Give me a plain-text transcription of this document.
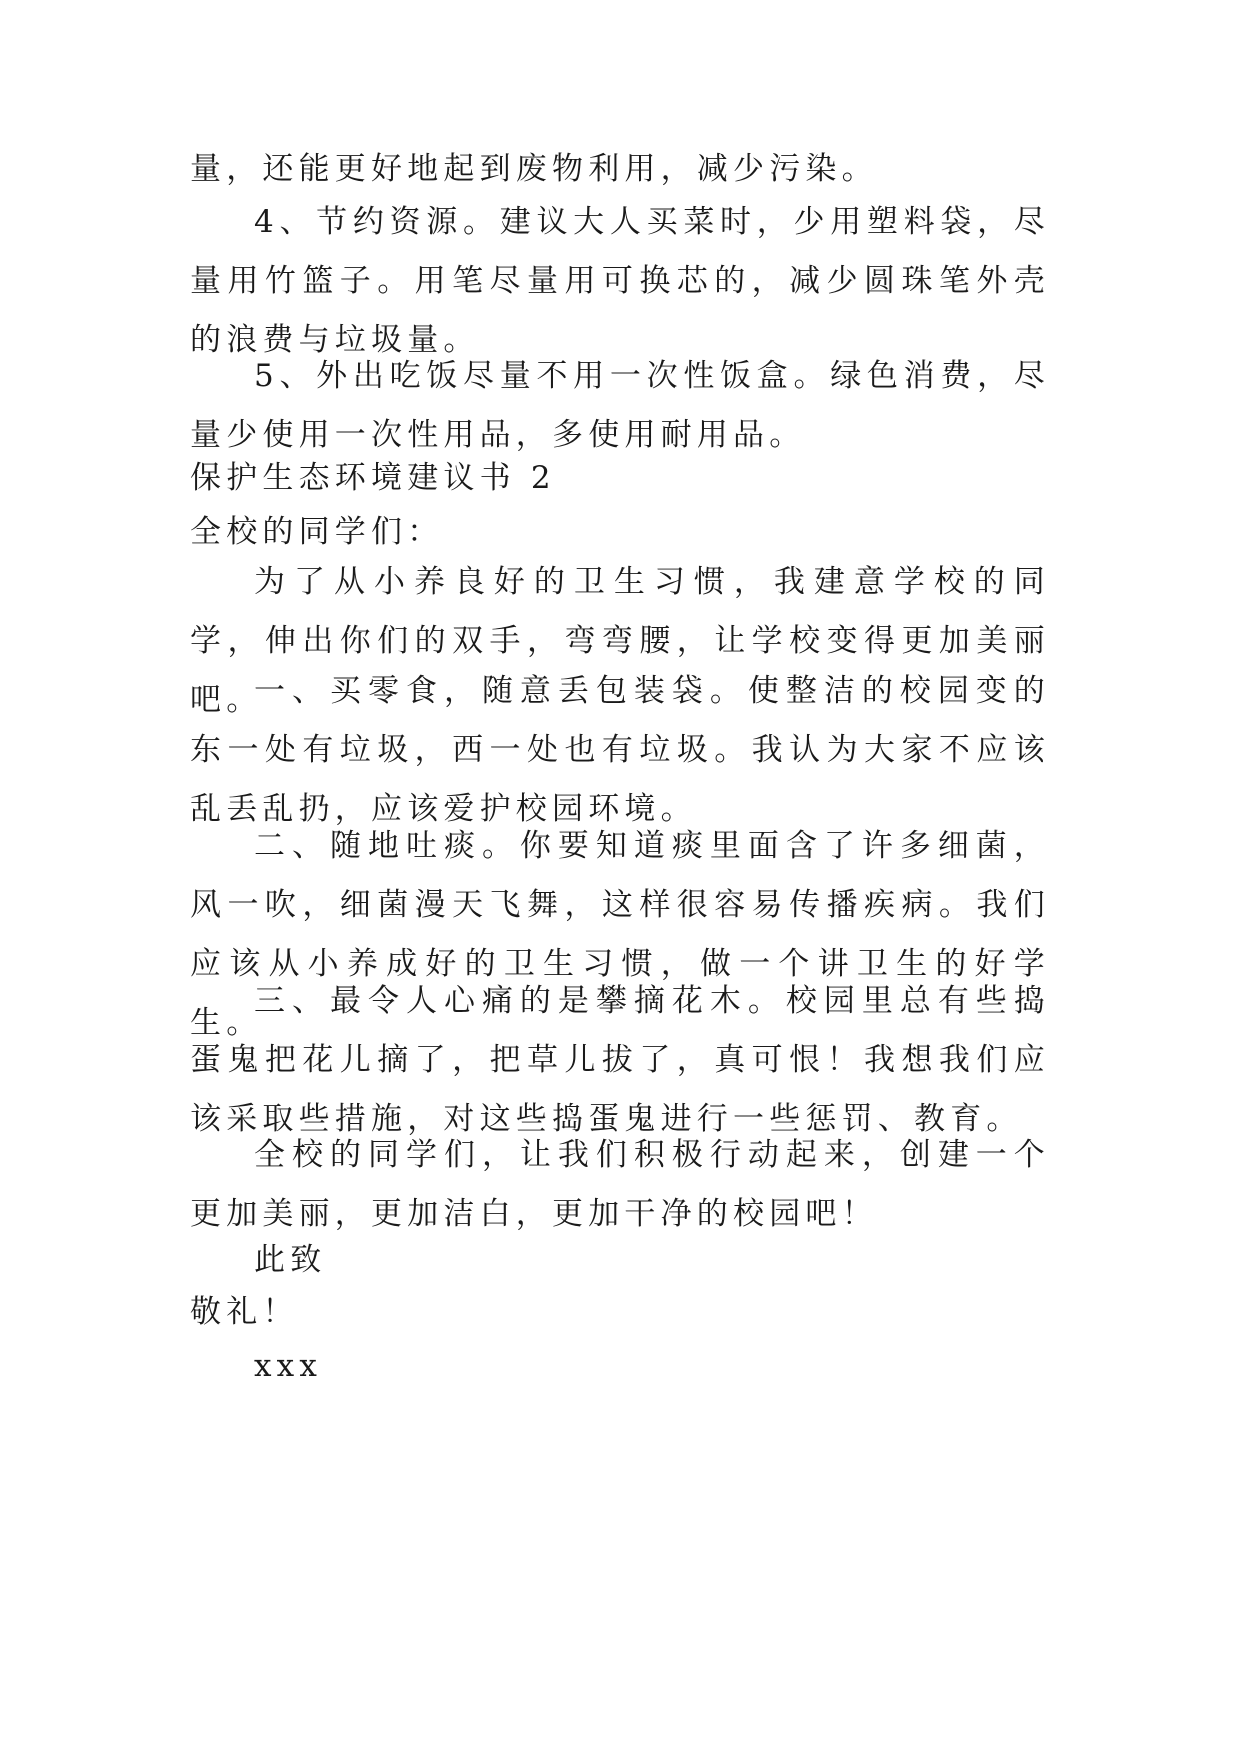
量，还能更好地起到废物利用，减少污染。
4、节约资源。建议大人买菜时，少用塑料袋，尽量用竹篮子。用笔尽量用可换芯的，减少圆珠笔外壳的浪费与垃圾量。
5、外出吃饭尽量不用一次性饭盒。绿色消费，尽量少使用一次性用品，多使用耐用品。
保护生态环境建议书 2
全校的同学们：
为了从小养良好的卫生习惯，我建意学校的同学，伸出你们的双手，弯弯腰，让学校变得更加美丽吧。
一、买零食，随意丢包装袋。使整洁的校园变的东一处有垃圾，西一处也有垃圾。我认为大家不应该乱丢乱扔，应该爱护校园环境。
二、随地吐痰。你要知道痰里面含了许多细菌，风一吹，细菌漫天飞舞，这样很容易传播疾病。我们应该从小养成好的卫生习惯，做一个讲卫生的好学生。
三、最令人心痛的是攀摘花木。校园里总有些捣蛋鬼把花儿摘了，把草儿拔了，真可恨！我想我们应该采取些措施，对这些捣蛋鬼进行一些惩罚、教育。
全校的同学们，让我们积极行动起来，创建一个更加美丽，更加洁白，更加干净的校园吧！
此致
敬礼！
xxx
